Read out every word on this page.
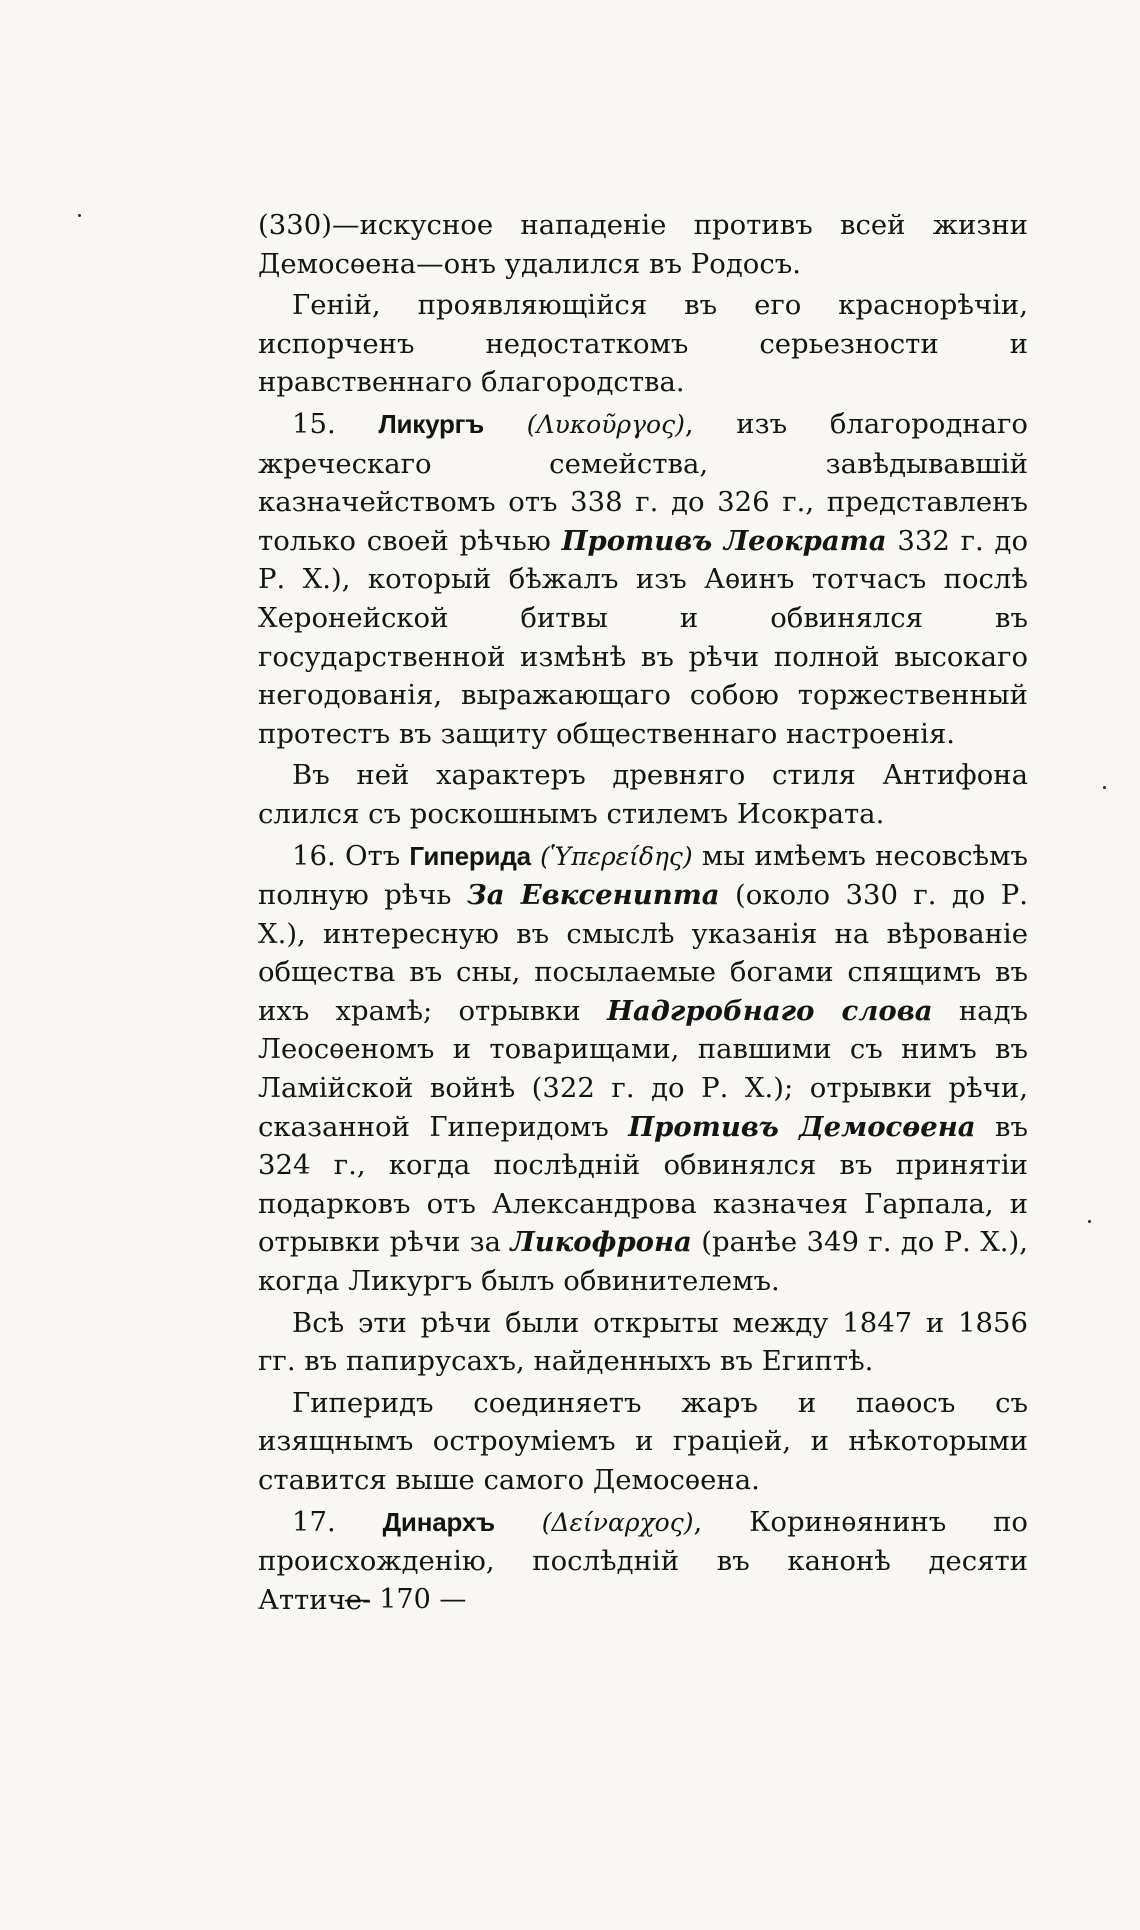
(330)—искусное нападеніе противъ всей жизни Демосѳена—онъ удалился въ Родосъ.

Геній, проявляющійся въ его краснорѣчіи, испорченъ недостаткомъ серьезности и нравственнаго благородства.

15. Ликургъ (Λυκοῦργος), изъ благороднаго жреческаго семейства, завѣдывавшій казначействомъ отъ 338 г. до 326 г., представленъ только своей рѣчью Противъ Леократа 332 г. до Р. Х.), который бѣжалъ изъ Аѳинъ тотчасъ послѣ Херонейской битвы и обвинялся въ государственной измѣнѣ въ рѣчи полной высокаго негодованія, выражающаго собою торжественный протестъ въ защиту общественнаго настроенія.

Въ ней характеръ древняго стиля Антифона слился съ роскошнымъ стилемъ Исократа.

16. Отъ Гиперида (Ὑπερείδης) мы имѣемъ несовсѣмъ полную рѣчь За Евксенипта (около 330 г. до Р. Х.), интересную въ смыслѣ указанія на вѣрованіе общества въ сны, посылаемые богами спящимъ въ ихъ храмѣ; отрывки Надгробнаго слова надъ Леосѳеномъ и товарищами, павшими съ нимъ въ Ламійской войнѣ (322 г. до Р. Х.); отрывки рѣчи, сказанной Гиперидомъ Противъ Демосѳена въ 324 г., когда послѣдній обвинялся въ принятіи подарковъ отъ Александрова казначея Гарпала, и отрывки рѣчи за Ликофрона (ранѣе 349 г. до Р. Х.), когда Ликургъ былъ обвинителемъ.

Всѣ эти рѣчи были открыты между 1847 и 1856 гг. въ папирусахъ, найденныхъ въ Египтѣ.

Гиперидъ соединяетъ жаръ и паѳосъ съ изящнымъ остроуміемъ и граціей, и нѣкоторыми ставится выше самого Демосѳена.

17. Динархъ (Δείναρχος), Коринѳянинъ по происхожденію, послѣдній въ канонѣ десяти Аттиче-

— 170 —
